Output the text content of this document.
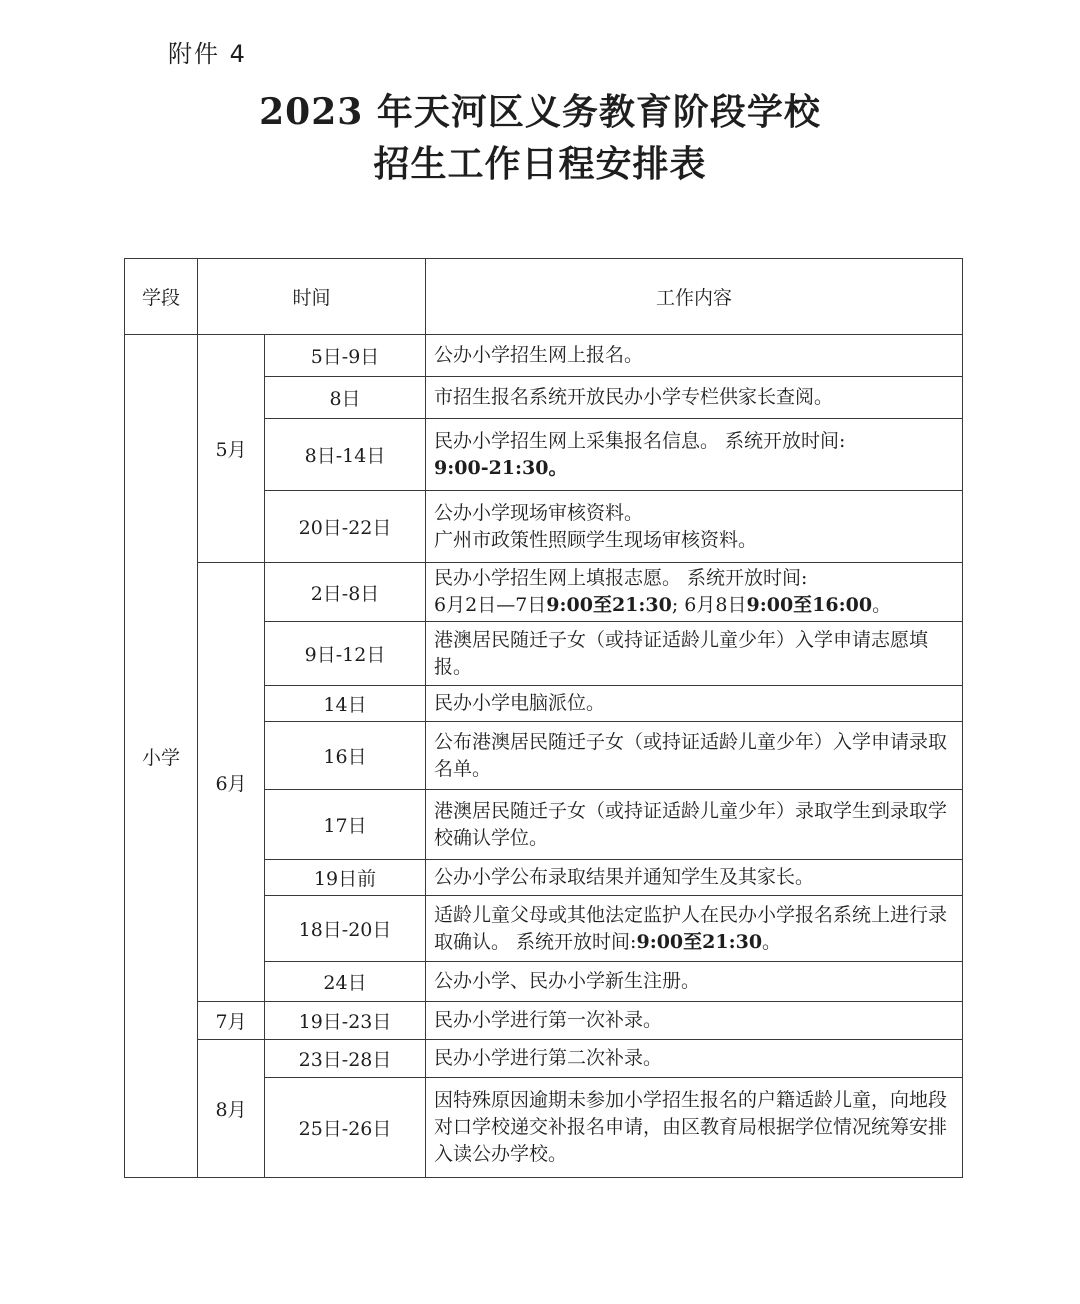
附件 4
2023 年天河区义务教育阶段学校
招生工作日程安排表
学段	时间		工作内容
小学	5月	5日-9日	公办小学招生网上报名。
		8日	市招生报名系统开放民办小学专栏供家长查阅。
		8日-14日	民办小学招生网上采集报名信息。 系统开放时间:
9:00-21:30。
		20日-22日	公办小学现场审核资料。
广州市政策性照顾学生现场审核资料。
	6月	2日-8日	民办小学招生网上填报志愿。 系统开放时间:
6月2日—7日9:00至21:30; 6月8日9:00至16:00。
		9日-12日	港澳居民随迁子女（或持证适龄儿童少年）入学申请志愿填报。
		14日	民办小学电脑派位。
		16日	公布港澳居民随迁子女（或持证适龄儿童少年）入学申请录取名单。
		17日	港澳居民随迁子女（或持证适龄儿童少年）录取学生到录取学校确认学位。
		19日前	公办小学公布录取结果并通知学生及其家长。
		18日-20日	适龄儿童父母或其他法定监护人在民办小学报名系统上进行录取确认。 系统开放时间:9:00至21:30。
		24日	公办小学、民办小学新生注册。
	7月	19日-23日	民办小学进行第一次补录。
	8月	23日-28日	民办小学进行第二次补录。
		25日-26日	因特殊原因逾期未参加小学招生报名的户籍适龄儿童，向地段对口学校递交补报名申请，由区教育局根据学位情况统筹安排入读公办学校。
